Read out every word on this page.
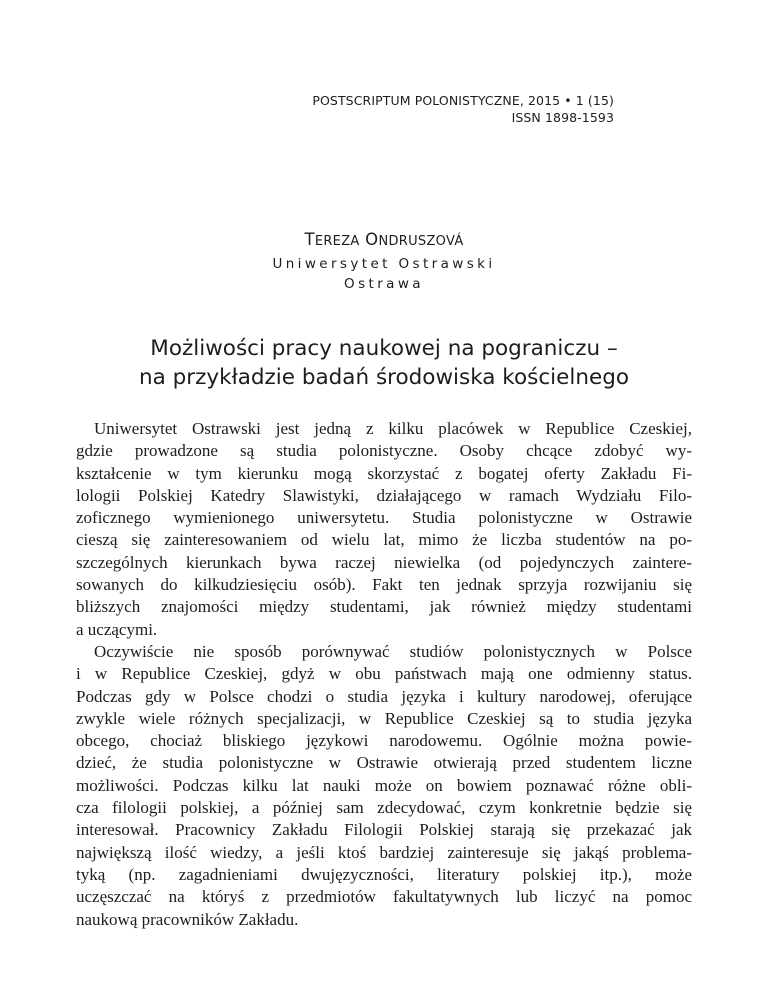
POSTSCRIPTUM POLONISTYCZNE, 2015 • 1 (15)
ISSN 1898-1593
TEREZA ONDRUSZOVÁ
Uniwersytet Ostrawski
Ostrawa
Możliwości pracy naukowej na pograniczu –
na przykładzie badań środowiska kościelnego
Uniwersytet Ostrawski jest jedną z kilku placówek w Republice Czeskiej,
gdzie prowadzone są studia polonistyczne. Osoby chcące zdobyć wy-
kształcenie w tym kierunku mogą skorzystać z bogatej oferty Zakładu Fi-
lologii Polskiej Katedry Slawistyki, działającego w ramach Wydziału Filo-
zoficznego wymienionego uniwersytetu. Studia polonistyczne w Ostrawie
cieszą się zainteresowaniem od wielu lat, mimo że liczba studentów na po-
szczególnych kierunkach bywa raczej niewielka (od pojedynczych zaintere-
sowanych do kilkudziesięciu osób). Fakt ten jednak sprzyja rozwijaniu się
bliższych znajomości między studentami, jak również między studentami
a uczącymi.
Oczywiście nie sposób porównywać studiów polonistycznych w Polsce
i w Republice Czeskiej, gdyż w obu państwach mają one odmienny status.
Podczas gdy w Polsce chodzi o studia języka i kultury narodowej, oferujące
zwykle wiele różnych specjalizacji, w Republice Czeskiej są to studia języka
obcego, chociaż bliskiego językowi narodowemu. Ogólnie można powie-
dzieć, że studia polonistyczne w Ostrawie otwierają przed studentem liczne
możliwości. Podczas kilku lat nauki może on bowiem poznawać różne obli-
cza filologii polskiej, a później sam zdecydować, czym konkretnie będzie się
interesował. Pracownicy Zakładu Filologii Polskiej starają się przekazać jak
największą ilość wiedzy, a jeśli ktoś bardziej zainteresuje się jakąś problema-
tyką (np. zagadnieniami dwujęzyczności, literatury polskiej itp.), może
uczęszczać na któryś z przedmiotów fakultatywnych lub liczyć na pomoc
naukową pracowników Zakładu.
